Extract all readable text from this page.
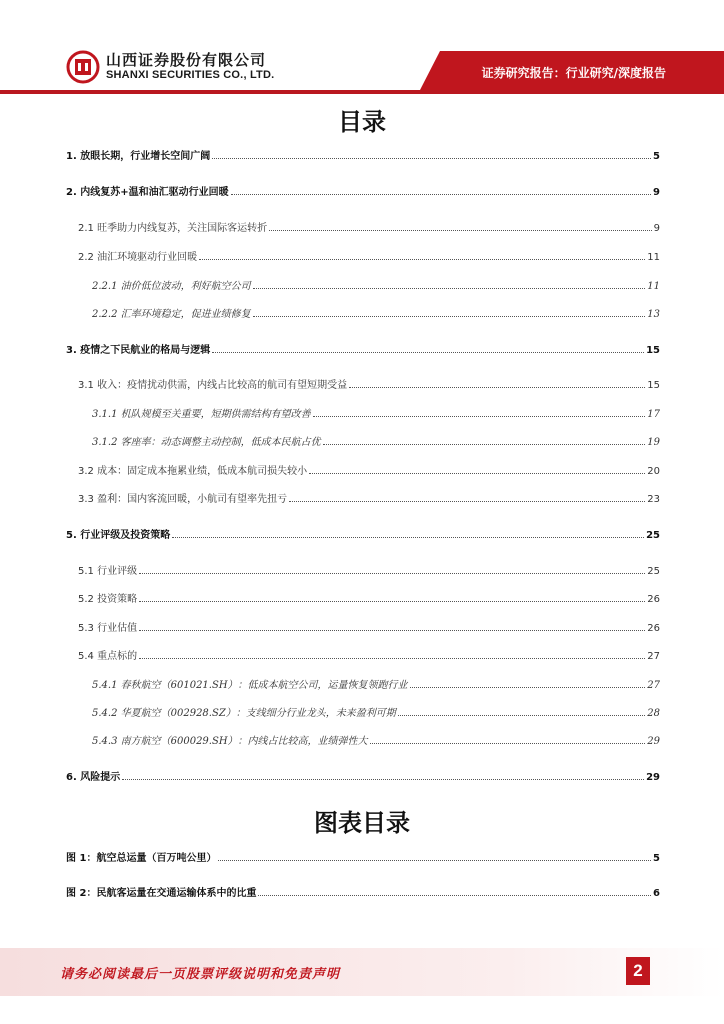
山西证券股份有限公司
SHANXI SECURITIES CO., LTD.	证券研究报告：行业研究/深度报告
目录
1. 放眼长期，行业增长空间广阔	5
2. 内线复苏+温和油汇驱动行业回暖	9
2.1 旺季助力内线复苏，关注国际客运转折	9
2.2 油汇环境驱动行业回暖	11
2.2.1 油价低位波动，利好航空公司	11
2.2.2 汇率环境稳定，促进业绩修复	13
3. 疫情之下民航业的格局与逻辑	15
3.1 收入：疫情扰动供需，内线占比较高的航司有望短期受益	15
3.1.1 机队规模至关重要，短期供需结构有望改善	17
3.1.2 客座率：动态调整主动控制，低成本民航占优	19
3.2 成本：固定成本拖累业绩，低成本航司损失较小	20
3.3 盈利：国内客流回暖，小航司有望率先扭亏	23
5. 行业评级及投资策略	25
5.1 行业评级	25
5.2 投资策略	26
5.3 行业估值	26
5.4 重点标的	27
5.4.1 春秋航空（601021.SH）：低成本航空公司，运量恢复领跑行业	27
5.4.2 华夏航空（002928.SZ）：支线细分行业龙头，未来盈利可期	28
5.4.3 南方航空（600029.SH）：内线占比较高，业绩弹性大	29
6. 风险提示	29
图表目录
图 1：航空总运量（百万吨公里）	5
图 2：民航客运量在交通运输体系中的比重	6
请务必阅读最后一页股票评级说明和免责声明	2
